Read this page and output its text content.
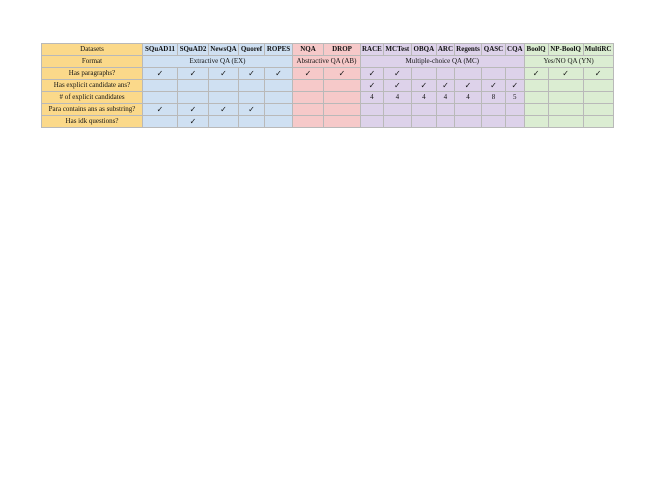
Datasets	SQuAD11	SQuAD2	NewsQA	Quoref	ROPES	NQA	DROP	RACE	MCTest	OBQA	ARC	Regents	QASC	CQA	BoolQ	NP-BoolQ	MultiRC
Format	Extractive QA (EX)					Abstractive QA (AB)		Multiple-choice QA (MC)							Yes/NO QA (YN)		
Has paragraphs?	✓	✓	✓	✓	✓	✓	✓	✓	✓						✓	✓	✓
Has explicit candidate ans?								✓	✓	✓	✓	✓	✓	✓			
# of explicit candidates								4	4	4	4	4	8	5			
Para contains ans as substring?	✓	✓	✓	✓													
Has idk questions?		✓															
